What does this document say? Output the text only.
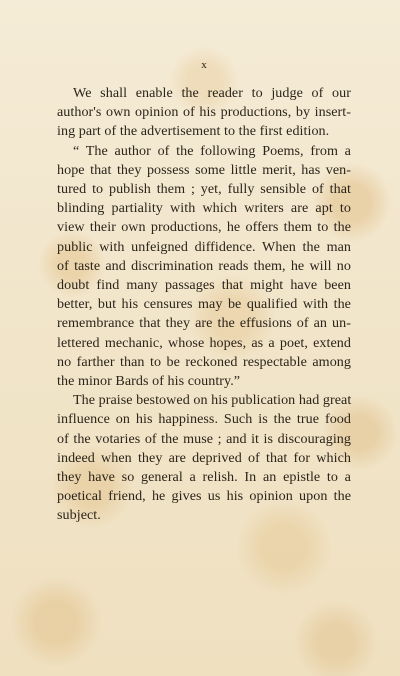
x
We shall enable the reader to judge of our
author's own opinion of his productions, by insert-
ing part of the advertisement to the first edition.
“ The author of the following Poems, from a
hope that they possess some little merit, has ven-
tured to publish them ; yet, fully sensible of that
blinding partiality with which writers are apt to
view their own productions, he offers them to the
public with unfeigned diffidence. When the man
of taste and discrimination reads them, he will no
doubt find many passages that might have been
better, but his censures may be qualified with the
remembrance that they are the effusions of an un-
lettered mechanic, whose hopes, as a poet, extend
no farther than to be reckoned respectable among
the minor Bards of his country.”
The praise bestowed on his publication had great
influence on his happiness. Such is the true food
of the votaries of the muse ; and it is discouraging
indeed when they are deprived of that for which
they have so general a relish. In an epistle to a
poetical friend, he gives us his opinion upon the
subject.
